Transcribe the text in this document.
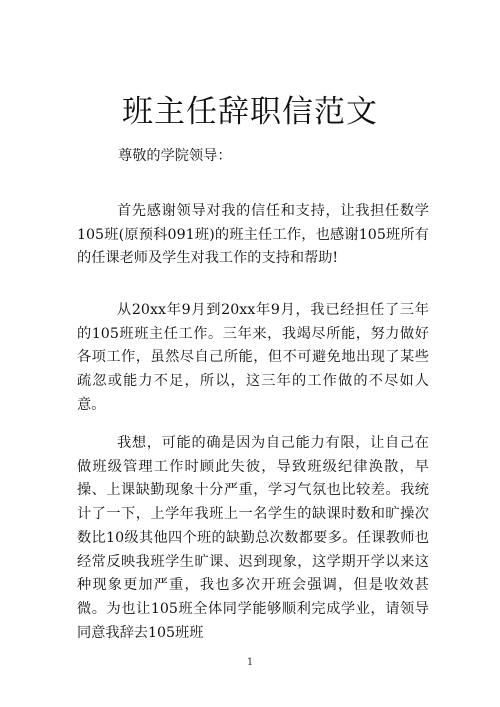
班主任辞职信范文
尊敬的学院领导：
首先感谢领导对我的信任和支持，让我担任数学105班(原预科091班)的班主任工作，也感谢105班所有的任课老师及学生对我工作的支持和帮助!
从20xx年9月到20xx年9月，我已经担任了三年的105班班主任工作。三年来，我竭尽所能，努力做好各项工作，虽然尽自己所能，但不可避免地出现了某些疏忽或能力不足，所以，这三年的工作做的不尽如人意。
我想，可能的确是因为自己能力有限，让自己在做班级管理工作时顾此失彼，导致班级纪律涣散，早操、上课缺勤现象十分严重，学习气氛也比较差。我统计了一下，上学年我班上一名学生的缺课时数和旷操次数比10级其他四个班的缺勤总次数都要多。任课教师也经常反映我班学生旷课、迟到现象，这学期开学以来这种现象更加严重，我也多次开班会强调，但是收效甚微。为也让105班全体同学能够顺利完成学业，请领导同意我辞去105班班
1
